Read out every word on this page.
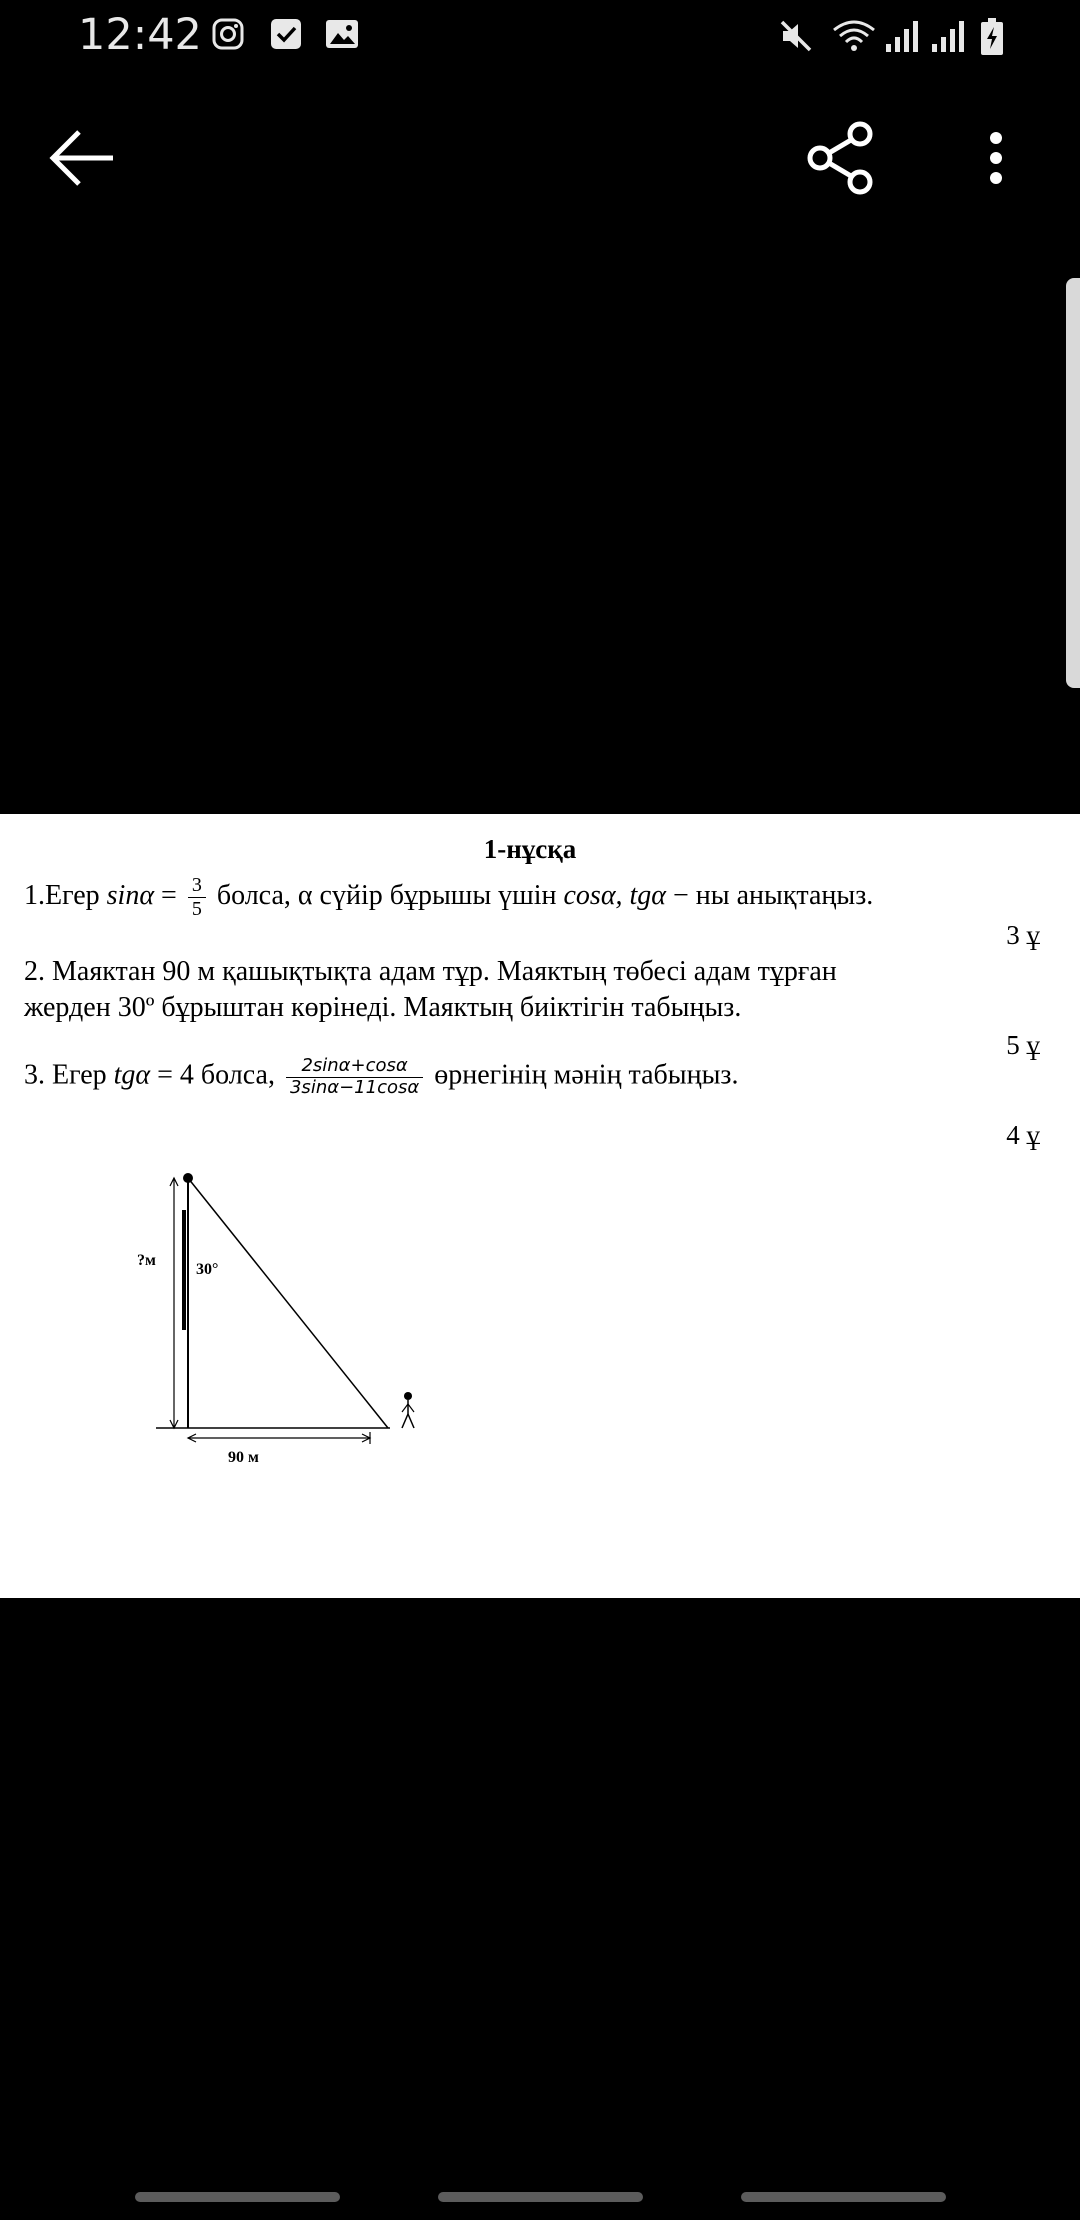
12:42
1-нұсқа
1.Егер $\sin\alpha = \frac{3}{5}$ болса, α сүйір бұрышы үшін cosα, tgα − ны анықтаңыз.
3 ұ
2. Маяктан 90 м қашықтықта адам тұр. Маяктың төбесі адам тұрған
жерден 30º бұрыштан көрінеді. Маяктың биіктігін табыңыз.
5 ұ
3. Егер tgα = 4 болса, $\frac{2\sin\alpha+\cos\alpha}{3\sin\alpha-11\cos\alpha}$ өрнегінің мәнің табыңыз.
4 ұ
?м
30°
90 м
